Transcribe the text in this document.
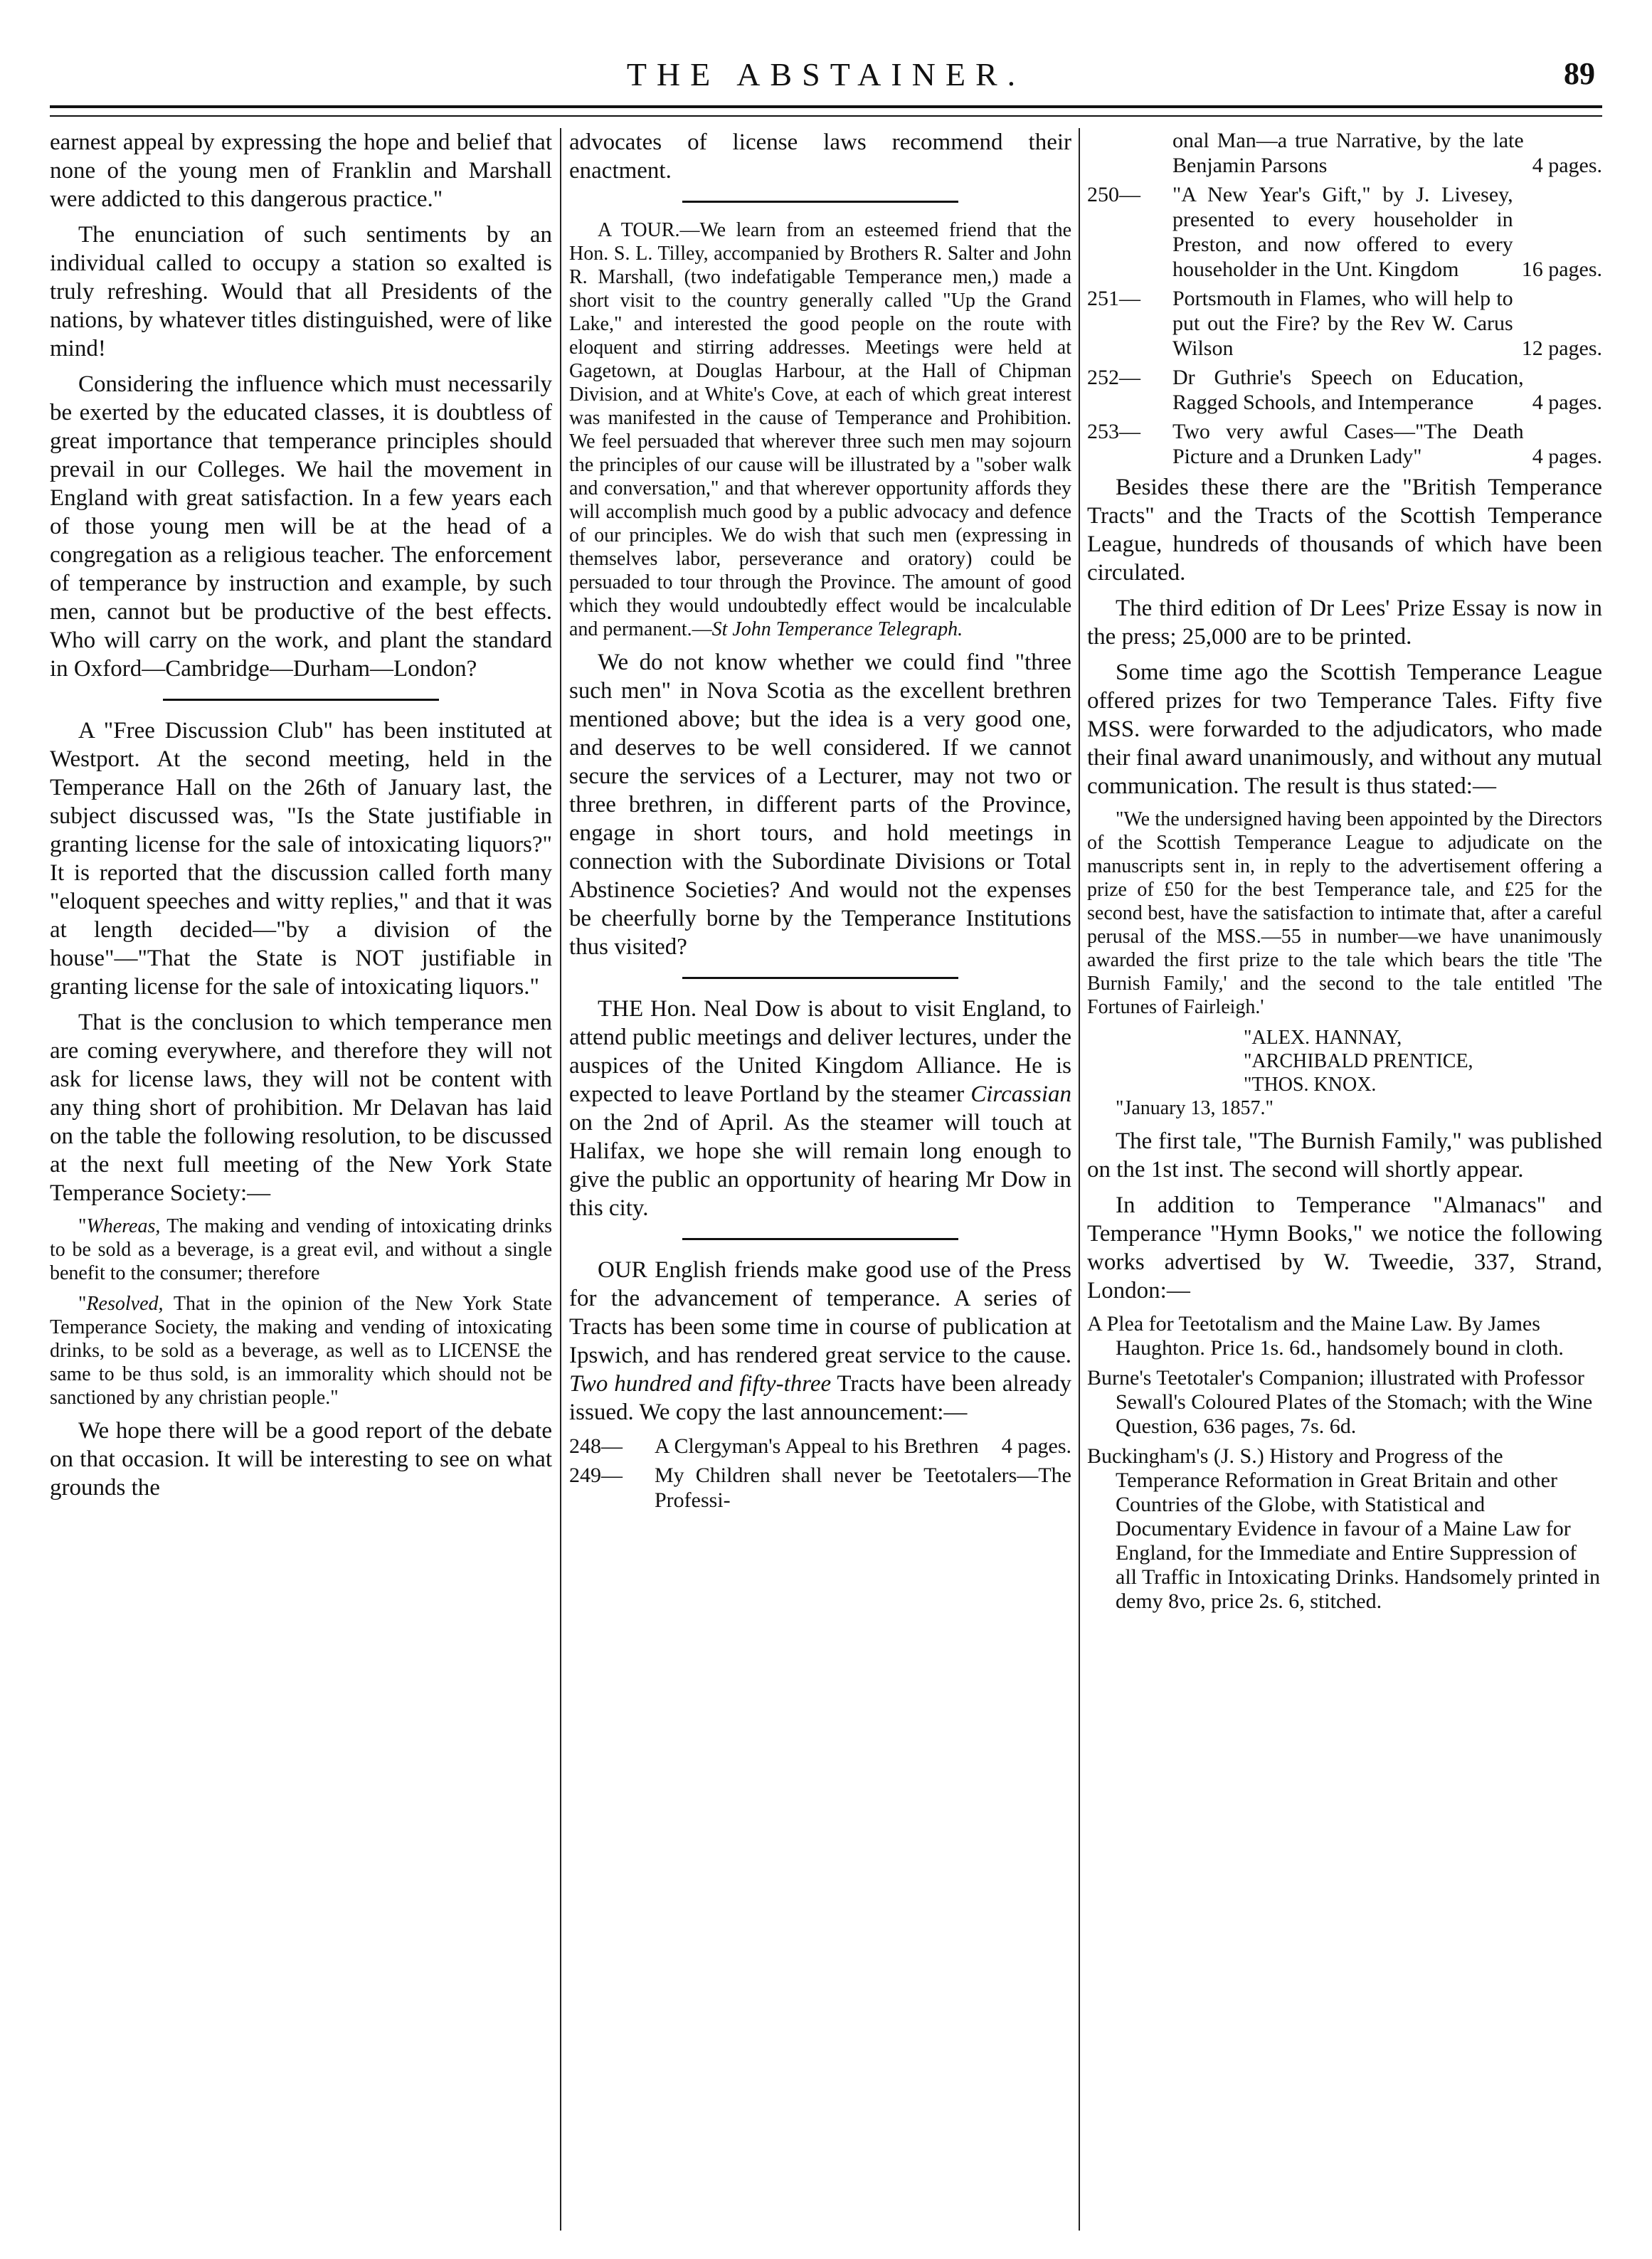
THE ABSTAINER.	89

earnest appeal by expressing the hope and belief that none of the young men of Franklin and Marshall were addicted to this dangerous practice."

The enunciation of such sentiments by an individual called to occupy a station so exalted is truly refreshing. Would that all Presidents of the nations, by whatever titles distinguished, were of like mind!

Considering the influence which must necessarily be exerted by the educated classes, it is doubtless of great importance that temperance principles should prevail in our Colleges. We hail the movement in England with great satisfaction. In a few years each of those young men will be at the head of a congregation as a religious teacher. The enforcement of temperance by instruction and example, by such men, cannot but be productive of the best effects. Who will carry on the work, and plant the standard in Oxford—Cambridge—Durham—London?

A "Free Discussion Club" has been instituted at Westport. At the second meeting, held in the Temperance Hall on the 26th of January last, the subject discussed was, "Is the State justifiable in granting license for the sale of intoxicating liquors?" It is reported that the discussion called forth many "eloquent speeches and witty replies," and that it was at length decided—"by a division of the house"—"That the State is NOT justifiable in granting license for the sale of intoxicating liquors."

That is the conclusion to which temperance men are coming everywhere, and therefore they will not ask for license laws, they will not be content with any thing short of prohibition. Mr Delavan has laid on the table the following resolution, to be discussed at the next full meeting of the New York State Temperance Society:—

"Whereas, The making and vending of intoxicating drinks to be sold as a beverage, is a great evil, and without a single benefit to the consumer; therefore

"Resolved, That in the opinion of the New York State Temperance Society, the making and vending of intoxicating drinks, to be sold as a beverage, as well as to LICENSE the same to be thus sold, is an immorality which should not be sanctioned by any christian people."

We hope there will be a good report of the debate on that occasion. It will be interesting to see on what grounds the

advocates of license laws recommend their enactment.

A TOUR.—We learn from an esteemed friend that the Hon. S. L. Tilley, accompanied by Brothers R. Salter and John R. Marshall, (two indefatigable Temperance men,) made a short visit to the country generally called "Up the Grand Lake," and interested the good people on the route with eloquent and stirring addresses. Meetings were held at Gagetown, at Douglas Harbour, at the Hall of Chipman Division, and at White's Cove, at each of which great interest was manifested in the cause of Temperance and Prohibition. We feel persuaded that wherever three such men may sojourn the principles of our cause will be illustrated by a "sober walk and conversation," and that wherever opportunity affords they will accomplish much good by a public advocacy and defence of our principles. We do wish that such men (expressing in themselves labor, perseverance and oratory) could be persuaded to tour through the Province. The amount of good which they would undoubtedly effect would be incalculable and permanent.—St John Temperance Telegraph.

We do not know whether we could find "three such men" in Nova Scotia as the excellent brethren mentioned above; but the idea is a very good one, and deserves to be well considered. If we cannot secure the services of a Lecturer, may not two or three brethren, in different parts of the Province, engage in short tours, and hold meetings in connection with the Subordinate Divisions or Total Abstinence Societies? And would not the expenses be cheerfully borne by the Temperance Institutions thus visited?

THE Hon. Neal Dow is about to visit England, to attend public meetings and deliver lectures, under the auspices of the United Kingdom Alliance. He is expected to leave Portland by the steamer Circassian on the 2nd of April. As the steamer will touch at Halifax, we hope she will remain long enough to give the public an opportunity of hearing Mr Dow in this city.

OUR English friends make good use of the Press for the advancement of temperance. A series of Tracts has been some time in course of publication at Ipswich, and has rendered great service to the cause. Two hundred and fifty-three Tracts have been already issued. We copy the last announcement:—

248—	A Clergyman's Appeal to his Brethren	4 pages.
249—	My Children shall never be Teetotalers—The Professi-
onal Man—a true Narrative, by the late Benjamin Parsons	4 pages.
250—	"A New Year's Gift," by J. Livesey, presented to every householder in Preston, and now offered to every householder in the Unt. Kingdom	16 pages.
251—	Portsmouth in Flames, who will help to put out the Fire? by the Rev W. Carus Wilson	12 pages.
252—	Dr Guthrie's Speech on Education, Ragged Schools, and Intemperance	4 pages.
253—	Two very awful Cases—"The Death Picture and a Drunken Lady"	4 pages.

Besides these there are the "British Temperance Tracts" and the Tracts of the Scottish Temperance League, hundreds of thousands of which have been circulated.

The third edition of Dr Lees' Prize Essay is now in the press; 25,000 are to be printed.

Some time ago the Scottish Temperance League offered prizes for two Temperance Tales. Fifty five MSS. were forwarded to the adjudicators, who made their final award unanimously, and without any mutual communication. The result is thus stated:—

"We the undersigned having been appointed by the Directors of the Scottish Temperance League to adjudicate on the manuscripts sent in, in reply to the advertisement offering a prize of £50 for the best Temperance tale, and £25 for the second best, have the satisfaction to intimate that, after a careful perusal of the MSS.—55 in number—we have unanimously awarded the first prize to the tale which bears the title 'The Burnish Family,' and the second to the tale entitled 'The Fortunes of Fairleigh.'

"ALEX. HANNAY,

"ARCHIBALD PRENTICE,

"THOS. KNOX.

"January 13, 1857."

The first tale, "The Burnish Family," was published on the 1st inst. The second will shortly appear.

In addition to Temperance "Almanacs" and Temperance "Hymn Books," we notice the following works advertised by W. Tweedie, 337, Strand, London:—

A Plea for Teetotalism and the Maine Law. By James Haughton. Price 1s. 6d., handsomely bound in cloth.

Burne's Teetotaler's Companion; illustrated with Professor Sewall's Coloured Plates of the Stomach; with the Wine Question, 636 pages, 7s. 6d.

Buckingham's (J. S.) History and Progress of the Temperance Reformation in Great Britain and other Countries of the Globe, with Statistical and Documentary Evidence in favour of a Maine Law for England, for the Immediate and Entire Suppression of all Traffic in Intoxicating Drinks. Handsomely printed in demy 8vo, price 2s. 6, stitched.
